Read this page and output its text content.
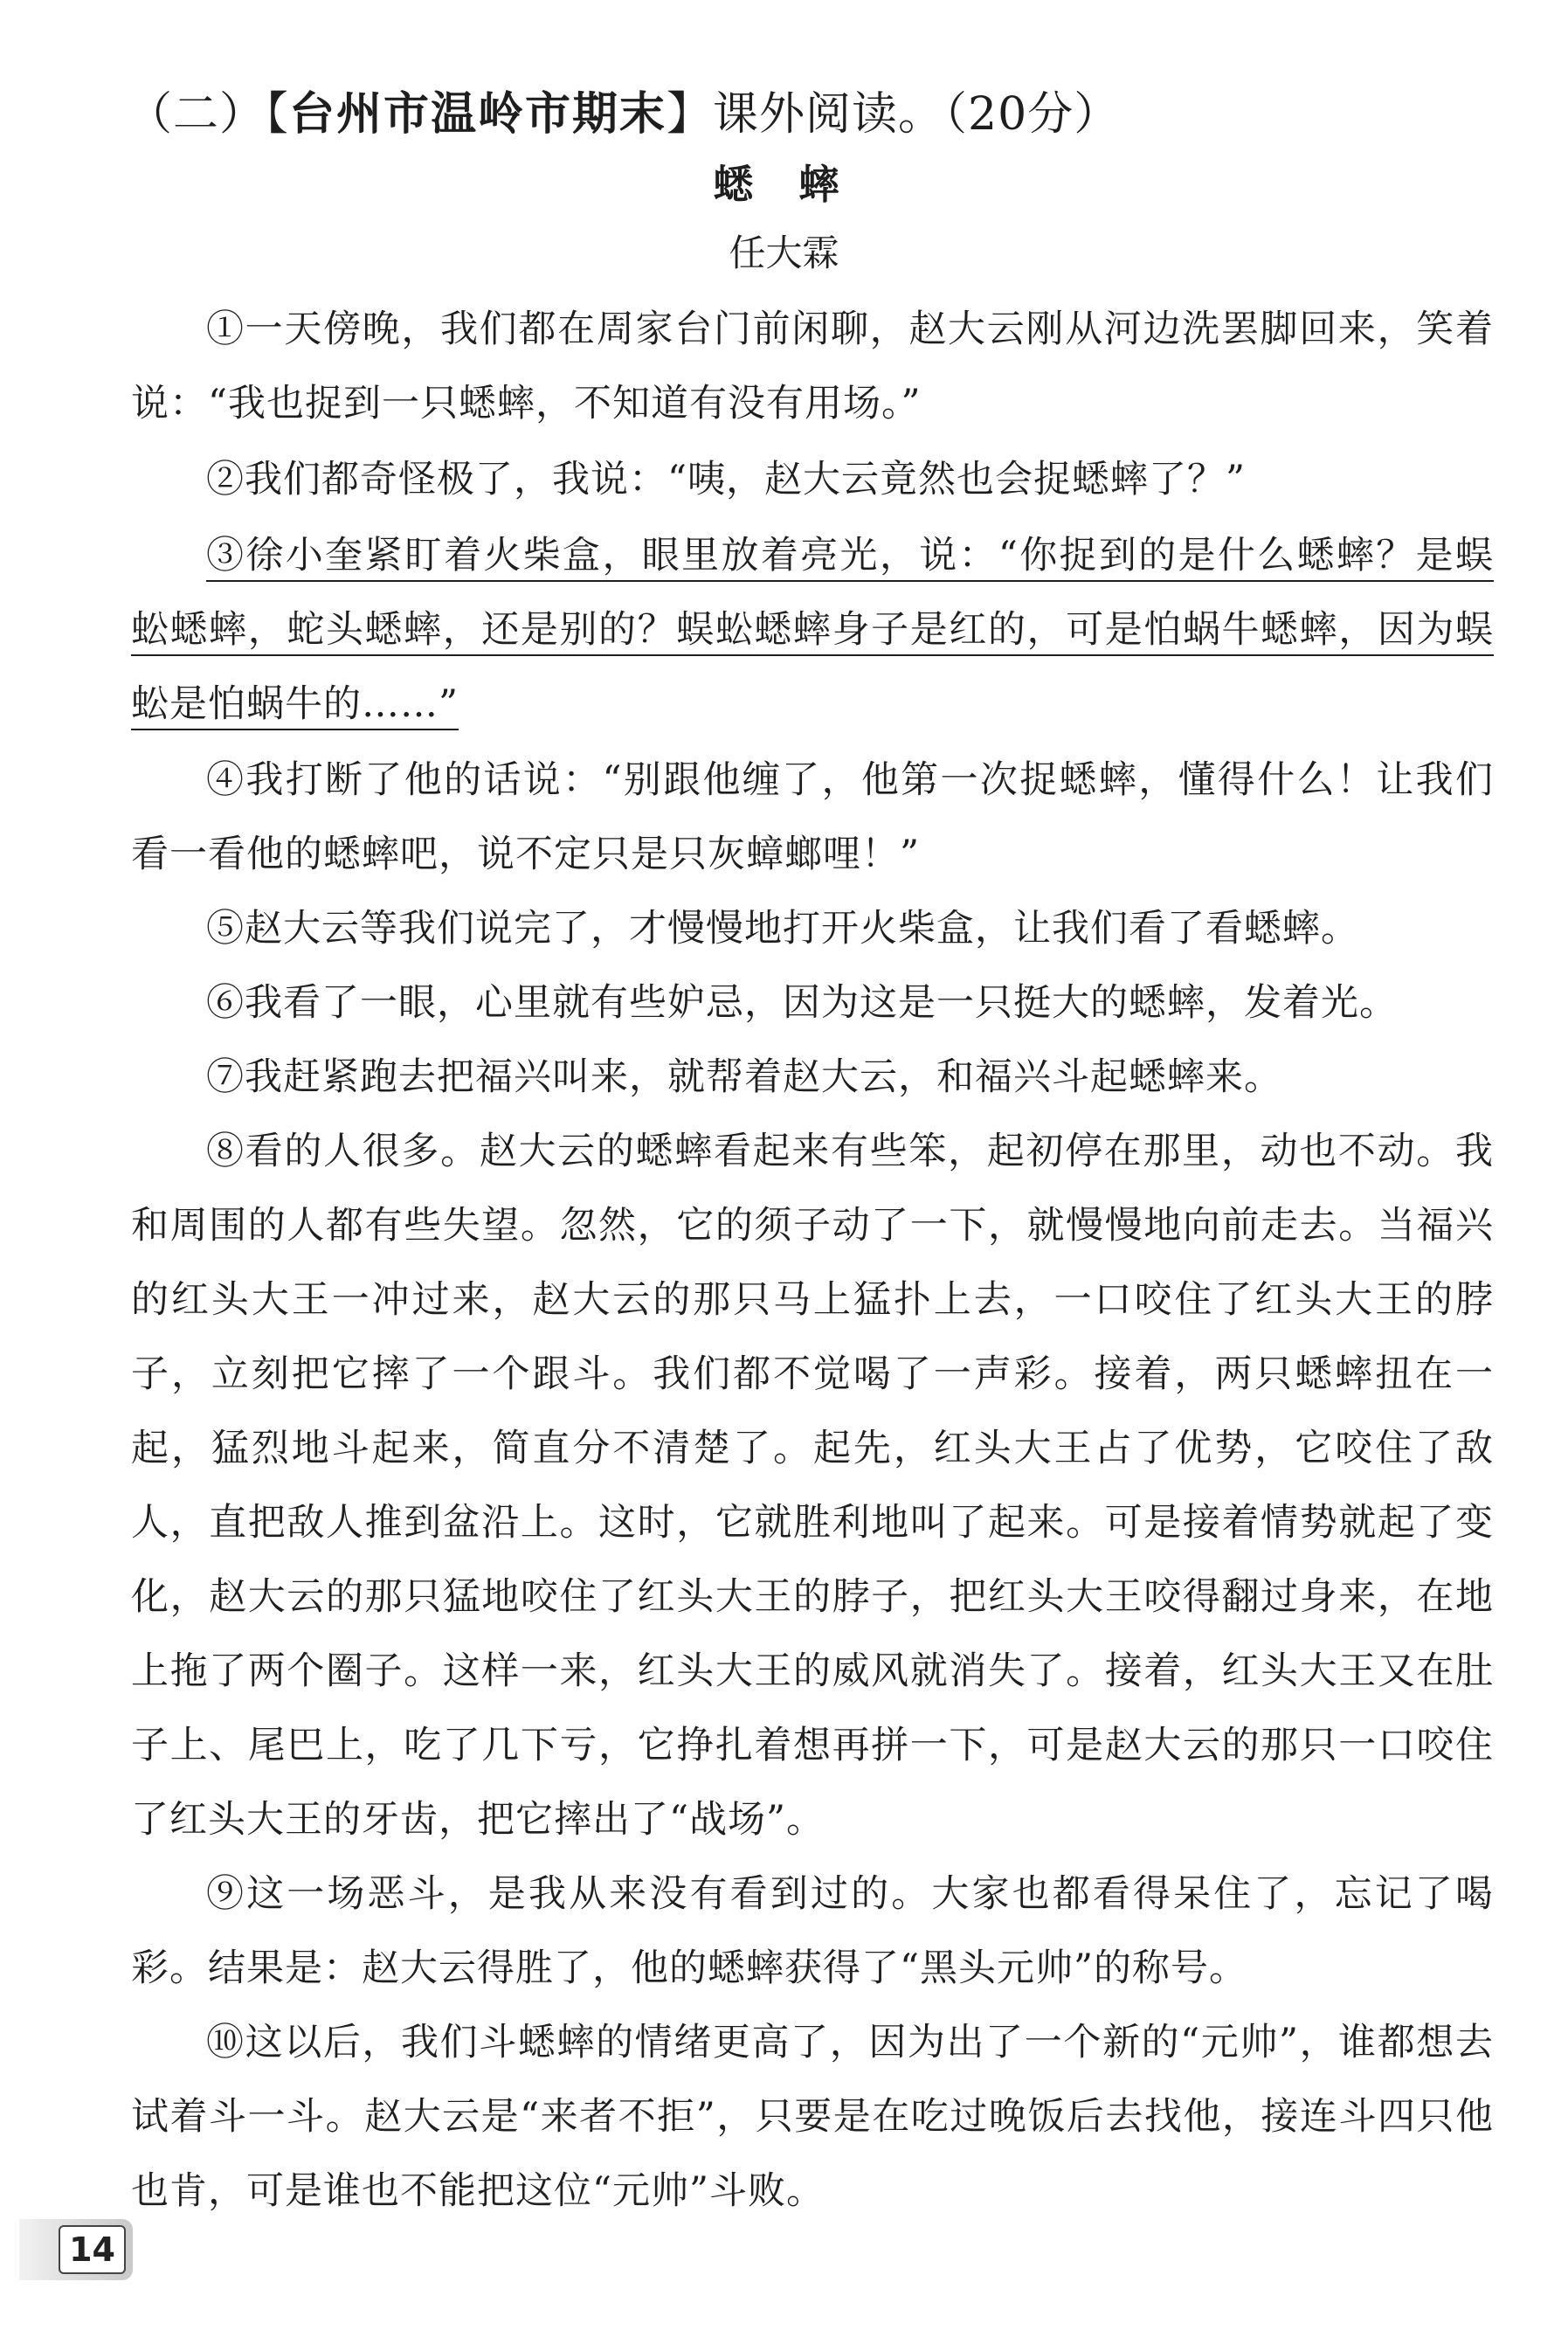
（二）【台州市温岭市期末】课外阅读。（20分）
蟋 蟀
任大霖

①一天傍晚，我们都在周家台门前闲聊，赵大云刚从河边洗罢脚回来，笑着说：“我也捉到一只蟋蟀，不知道有没有用场。”

②我们都奇怪极了，我说：“咦，赵大云竟然也会捉蟋蟀了？”

③徐小奎紧盯着火柴盒，眼里放着亮光，说：“你捉到的是什么蟋蟀？是蜈蚣蟋蟀，蛇头蟋蟀，还是别的？蜈蚣蟋蟀身子是红的，可是怕蜗牛蟋蟀，因为蜈蚣是怕蜗牛的……”

④我打断了他的话说：“别跟他缠了，他第一次捉蟋蟀，懂得什么！让我们看一看他的蟋蟀吧，说不定只是只灰蟑螂哩！”

⑤赵大云等我们说完了，才慢慢地打开火柴盒，让我们看了看蟋蟀。

⑥我看了一眼，心里就有些妒忌，因为这是一只挺大的蟋蟀，发着光。

⑦我赶紧跑去把福兴叫来，就帮着赵大云，和福兴斗起蟋蟀来。

⑧看的人很多。赵大云的蟋蟀看起来有些笨，起初停在那里，动也不动。我和周围的人都有些失望。忽然，它的须子动了一下，就慢慢地向前走去。当福兴的红头大王一冲过来，赵大云的那只马上猛扑上去，一口咬住了红头大王的脖子，立刻把它摔了一个跟斗。我们都不觉喝了一声彩。接着，两只蟋蟀扭在一起，猛烈地斗起来，简直分不清楚了。起先，红头大王占了优势，它咬住了敌人，直把敌人推到盆沿上。这时，它就胜利地叫了起来。可是接着情势就起了变化，赵大云的那只猛地咬住了红头大王的脖子，把红头大王咬得翻过身来，在地上拖了两个圈子。这样一来，红头大王的威风就消失了。接着，红头大王又在肚子上、尾巴上，吃了几下亏，它挣扎着想再拼一下，可是赵大云的那只一口咬住了红头大王的牙齿，把它摔出了“战场”。

⑨这一场恶斗，是我从来没有看到过的。大家也都看得呆住了，忘记了喝彩。结果是：赵大云得胜了，他的蟋蟀获得了“黑头元帅”的称号。

⑩这以后，我们斗蟋蟀的情绪更高了，因为出了一个新的“元帅”，谁都想去试着斗一斗。赵大云是“来者不拒”，只要是在吃过晚饭后去找他，接连斗四只他也肯，可是谁也不能把这位“元帅”斗败。

14
